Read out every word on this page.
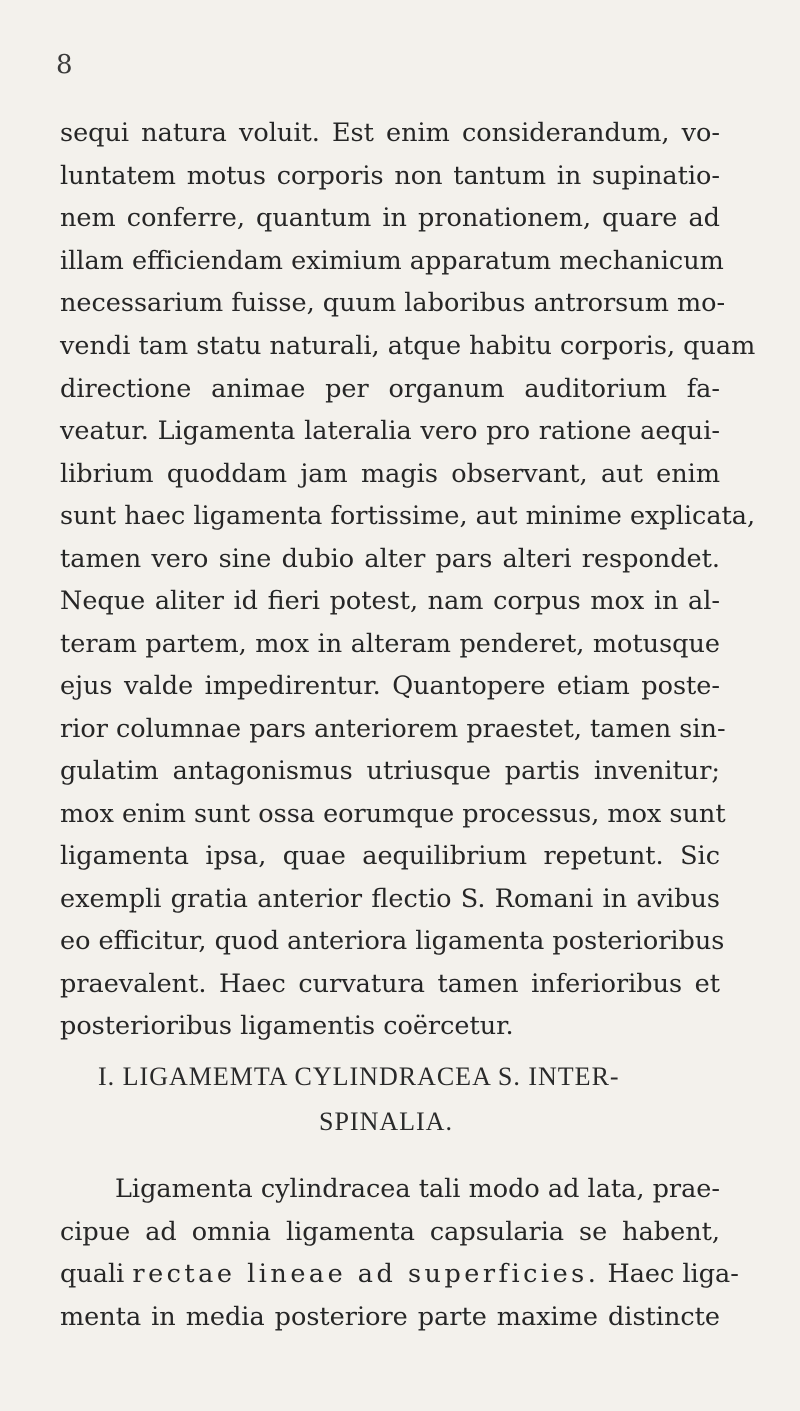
8
sequi natura voluit. Est enim considerandum, vo-
luntatem motus corporis non tantum in supinatio-
nem conferre, quantum in pronationem, quare ad
illam efficiendam eximium apparatum mechanicum
necessarium fuisse, quum laboribus antrorsum mo-
vendi tam statu naturali, atque habitu corporis, quam
directione animae per organum auditorium fa-
veatur. Ligamenta lateralia vero pro ratione aequi-
librium quoddam jam magis observant, aut enim
sunt haec ligamenta fortissime, aut minime explicata,
tamen vero sine dubio alter pars alteri respondet.
Neque aliter id fieri potest, nam corpus mox in al-
teram partem, mox in alteram penderet, motusque
ejus valde impedirentur. Quantopere etiam poste-
rior columnae pars anteriorem praestet, tamen sin-
gulatim antagonismus utriusque partis invenitur;
mox enim sunt ossa eorumque processus, mox sunt
ligamenta ipsa, quae aequilibrium repetunt. Sic
exempli gratia anterior flectio S. Romani in avibus
eo efficitur, quod anteriora ligamenta posterioribus
praevalent. Haec curvatura tamen inferioribus et
posterioribus ligamentis coërcetur.
I. LIGAMEMTA CYLINDRACEA S. INTER-
SPINALIA.
Ligamenta cylindracea tali modo ad lata, prae-
cipue ad omnia ligamenta capsularia se habent,
quali rectae lineae ad superficies. Haec liga-
menta in media posteriore parte maxime distincte
